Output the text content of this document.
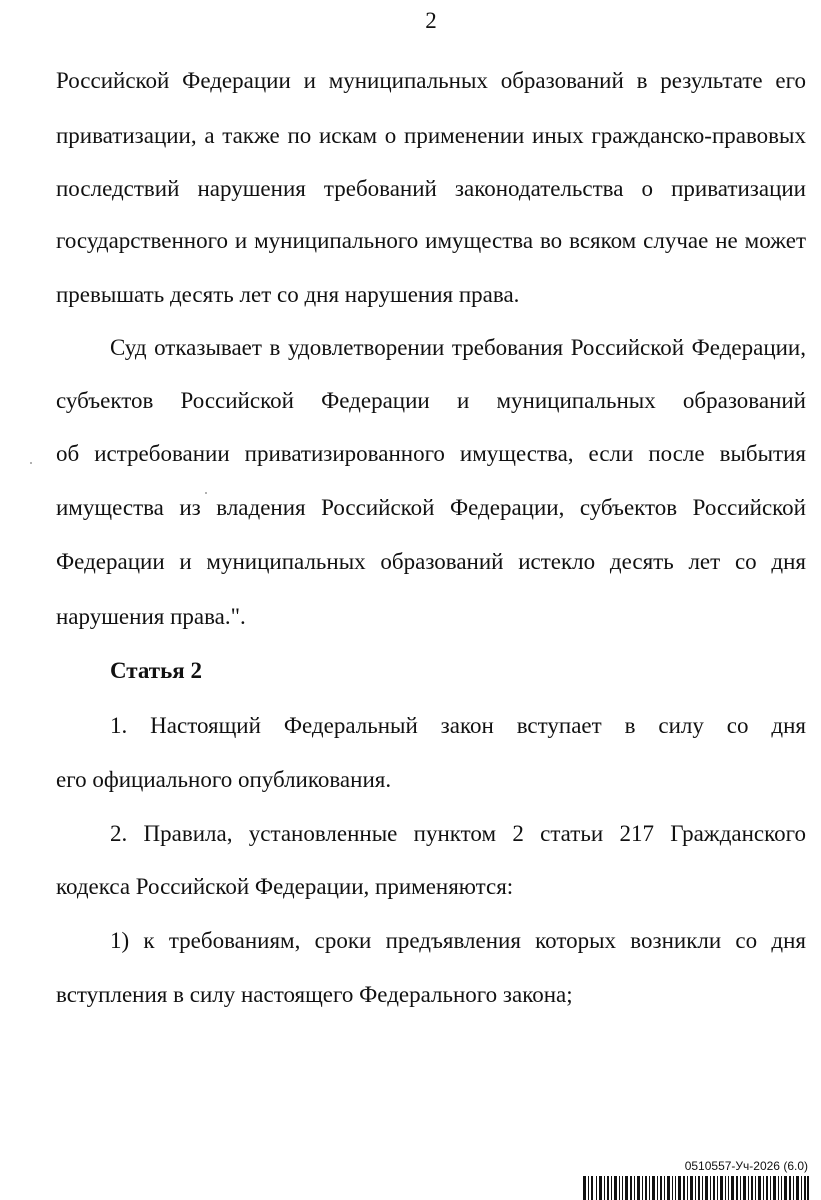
2
Российской Федерации и муниципальных образований в результате его
приватизации, а также по искам о применении иных гражданско-правовых
последствий нарушения требований законодательства о приватизации
государственного и муниципального имущества во всяком случае не может
превышать десять лет со дня нарушения права.
Суд отказывает в удовлетворении требования Российской Федерации,
субъектов Российской Федерации и муниципальных образований
об истребовании приватизированного имущества, если после выбытия
имущества из владения Российской Федерации, субъектов Российской
Федерации и муниципальных образований истекло десять лет со дня
нарушения права.".
Статья 2
1. Настоящий Федеральный закон вступает в силу со дня
его официального опубликования.
2. Правила, установленные пунктом 2 статьи 217 Гражданского
кодекса Российской Федерации, применяются:
1) к требованиям, сроки предъявления которых возникли со дня
вступления в силу настоящего Федерального закона;
0510557-Уч-2026 (6.0)
